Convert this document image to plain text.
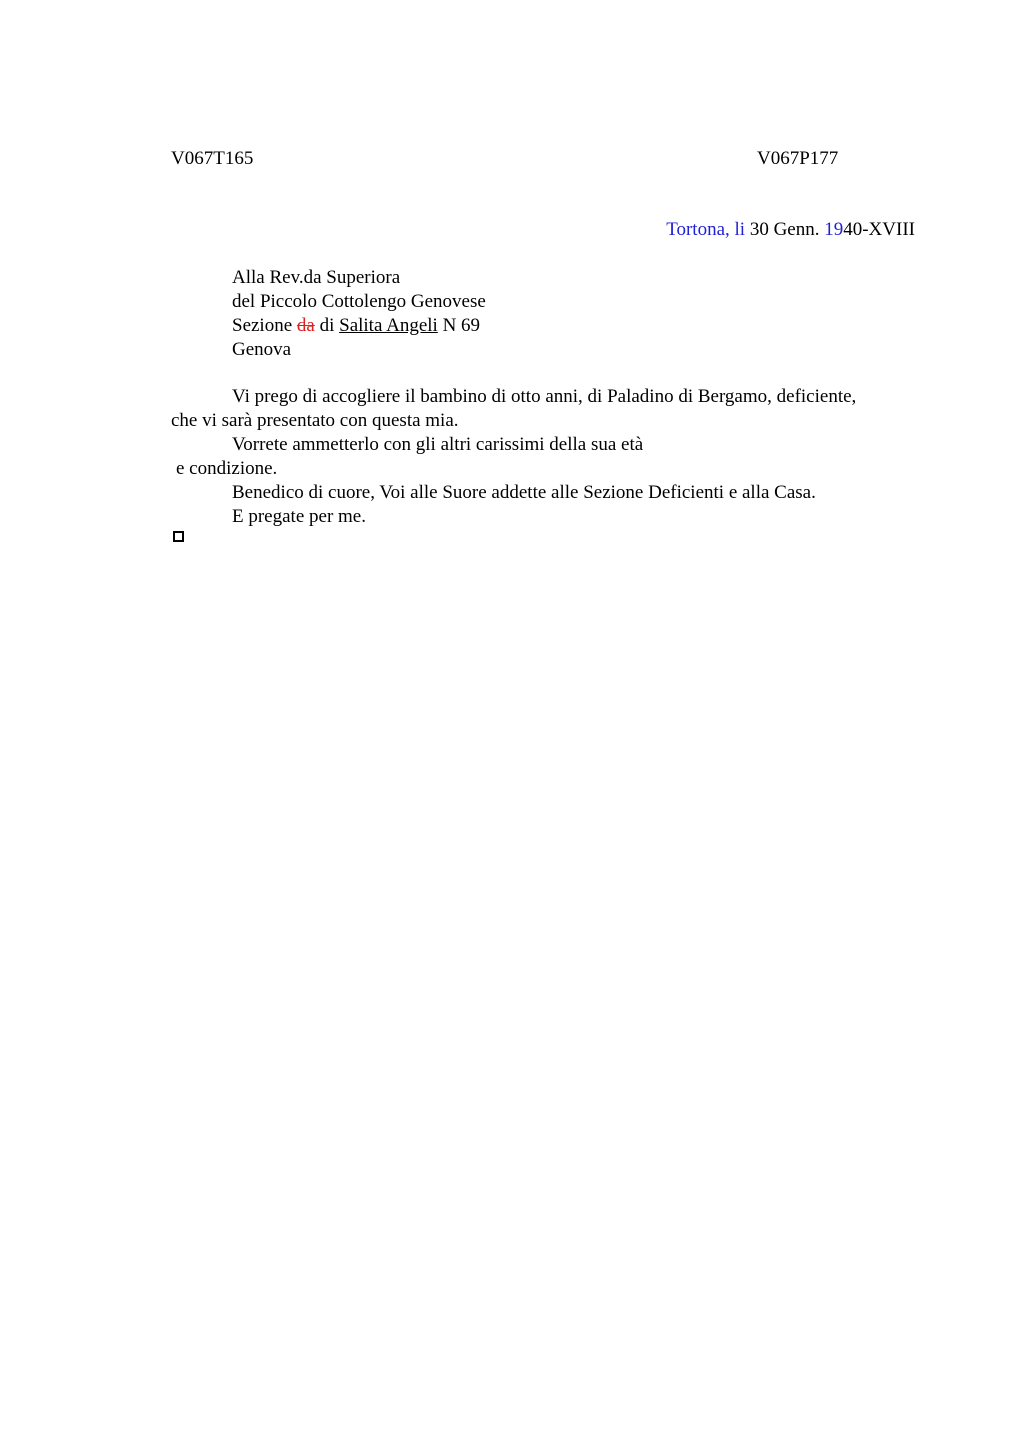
V067T165	V067P177
Tortona, li 30 Genn. 1940-XVIII
Alla Rev.da Superiora
del Piccolo Cottolengo Genovese
Sezione da di Salita Angeli N 69
Genova
Vi prego di accogliere il bambino di otto anni, di Paladino di Bergamo, deficiente,
che vi sarà presentato con questa mia.
Vorrete ammetterlo con gli altri carissimi della sua età
e condizione.
Benedico di cuore, Voi alle Suore addette alle Sezione Deficienti e alla Casa.
E pregate per me.
